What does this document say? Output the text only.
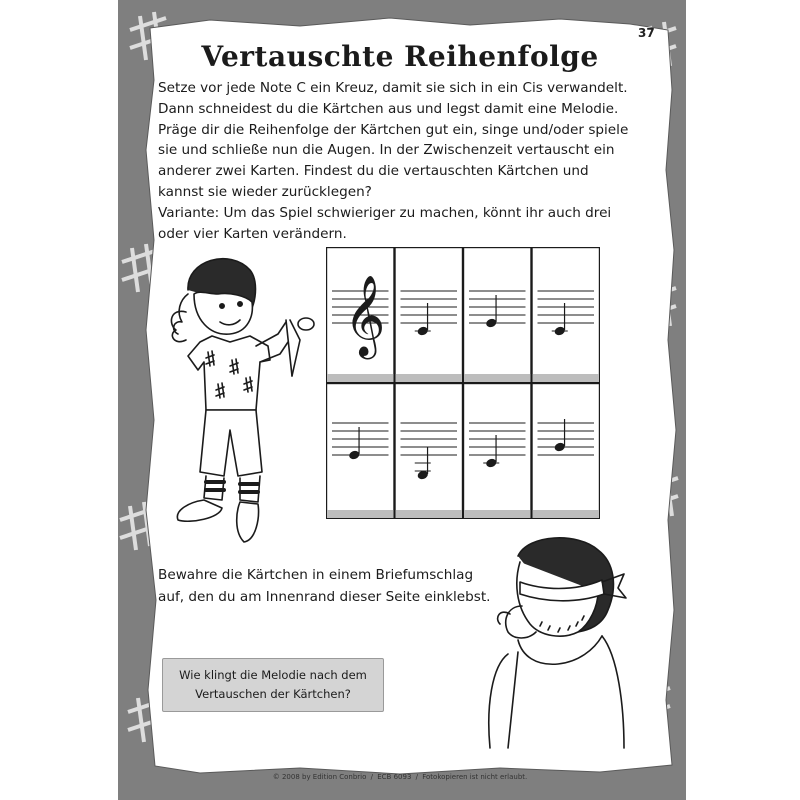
37
Vertauschte Reihenfolge
Setze vor jede Note C ein Kreuz, damit sie sich in ein Cis verwandelt.
Dann schneidest du die Kärtchen aus und legst damit eine Melodie.
Präge dir die Reihenfolge der Kärtchen gut ein, singe und/oder spiele
sie und schließe nun die Augen. In der Zwischenzeit vertauscht ein
anderer zwei Karten. Findest du die vertauschten Kärtchen und
kannst sie wieder zurücklegen?
Variante: Um das Spiel schwieriger zu machen, könnt ihr auch drei
oder vier Karten verändern.
𝄞
Bewahre die Kärtchen in einem Briefumschlag
auf, den du am Innenrand dieser Seite einklebst.
Wie klingt die Melodie nach dem
Vertauschen der Kärtchen?
© 2008 by Edition Conbrio / ECB 6093 / Fotokopieren ist nicht erlaubt.
